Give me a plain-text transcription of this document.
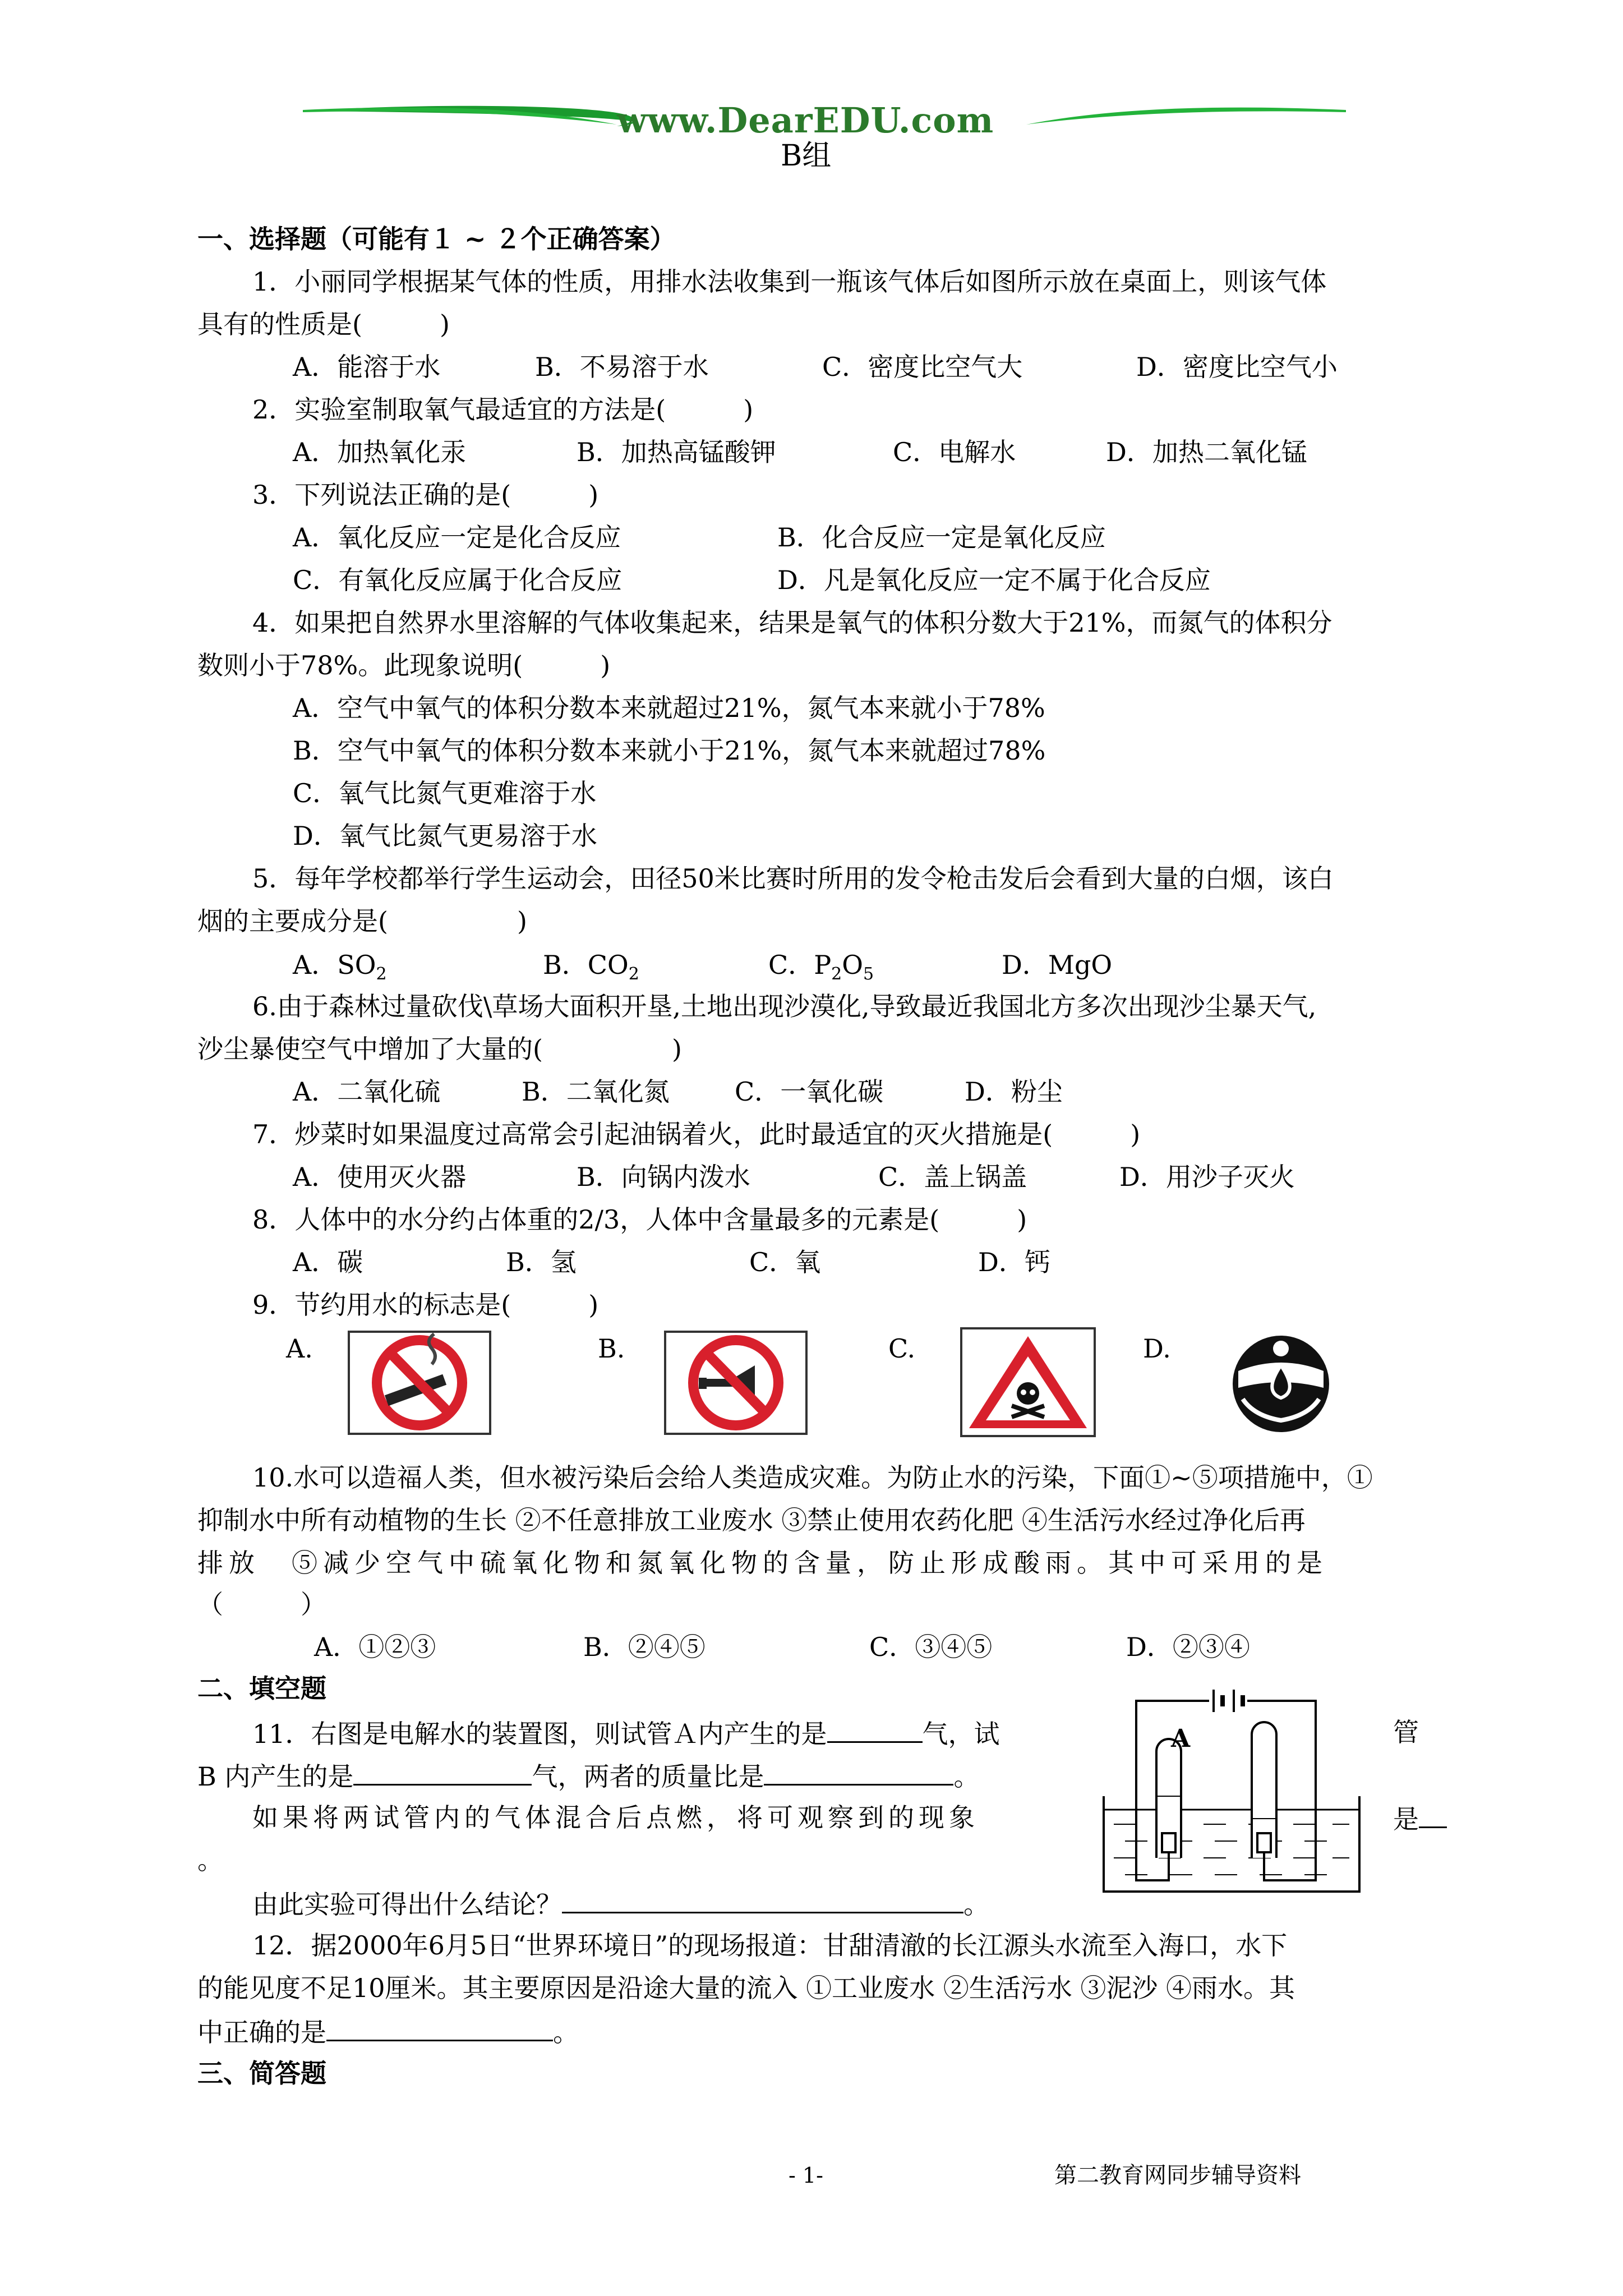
www.DearEDU.com
B组
一、选择题（可能有１ ~ ２个正确答案）
1．小丽同学根据某气体的性质，用排水法收集到一瓶该气体后如图所示放在桌面上，则该气体
具有的性质是(　　　)
A．能溶于水	B．不易溶于水	C．密度比空气大	D．密度比空气小
2．实验室制取氧气最适宜的方法是(　　　)
A．加热氧化汞	B．加热高锰酸钾	C．电解水	D．加热二氧化锰
3．下列说法正确的是(　　　)
A．氧化反应一定是化合反应	B．化合反应一定是氧化反应
C．有氧化反应属于化合反应	D．凡是氧化反应一定不属于化合反应
4．如果把自然界水里溶解的气体收集起来，结果是氧气的体积分数大于21%，而氮气的体积分
数则小于78%。此现象说明(　　　)
A．空气中氧气的体积分数本来就超过21%，氮气本来就小于78%
B．空气中氧气的体积分数本来就小于21%，氮气本来就超过78%
C．氧气比氮气更难溶于水
D．氧气比氮气更易溶于水
5．每年学校都举行学生运动会，田径50米比赛时所用的发令枪击发后会看到大量的白烟，该白
烟的主要成分是(　　　　　)
A．$SO_2$	B．$CO_2$	C．$P_2O_5$	D．MgO
6.由于森林过量砍伐\草场大面积开垦,土地出现沙漠化,导致最近我国北方多次出现沙尘暴天气,
沙尘暴使空气中增加了大量的(　　　　　)
A．二氧化硫	B．二氧化氮	C．一氧化碳	D．粉尘
7．炒菜时如果温度过高常会引起油锅着火，此时最适宜的灭火措施是(　　　)
A．使用灭火器	B．向锅内泼水	C．盖上锅盖	D．用沙子灭火
8．人体中的水分约占体重的2/3，人体中含量最多的元素是(　　　)
A．碳	B．氢	C．氧	D．钙
9．节约用水的标志是(　　　)
A.	B.	C.	D.
10.水可以造福人类，但水被污染后会给人类造成灾难。为防止水的污染，下面①~⑤项措施中，①
抑制水中所有动植物的生长 ②不任意排放工业废水 ③禁止使用农药化肥 ④生活污水经过净化后再
排放　⑤减少空气中硫氧化物和氮氧化物的含量，防止形成酸雨。其中可采用的是
（　　　）
A．①②③	B．②④⑤	C．③④⑤	D．②③④
二、填空题
11．右图是电解水的装置图，则试管Ａ内产生的是	气，试	管
B 内产生的是	气，两者的质量比是	。
如果将两试管内的气体混合后点燃，将可观察到的现象	是
。
由此实验可得出什么结论？	。
A
12．据2000年6月5日“世界环境日”的现场报道：甘甜清澈的长江源头水流至入海口，水下
的能见度不足10厘米。其主要原因是沿途大量的流入 ①工业废水 ②生活污水 ③泥沙 ④雨水。其
中正确的是	。
三、简答题
- 1-	第二教育网同步辅导资料
